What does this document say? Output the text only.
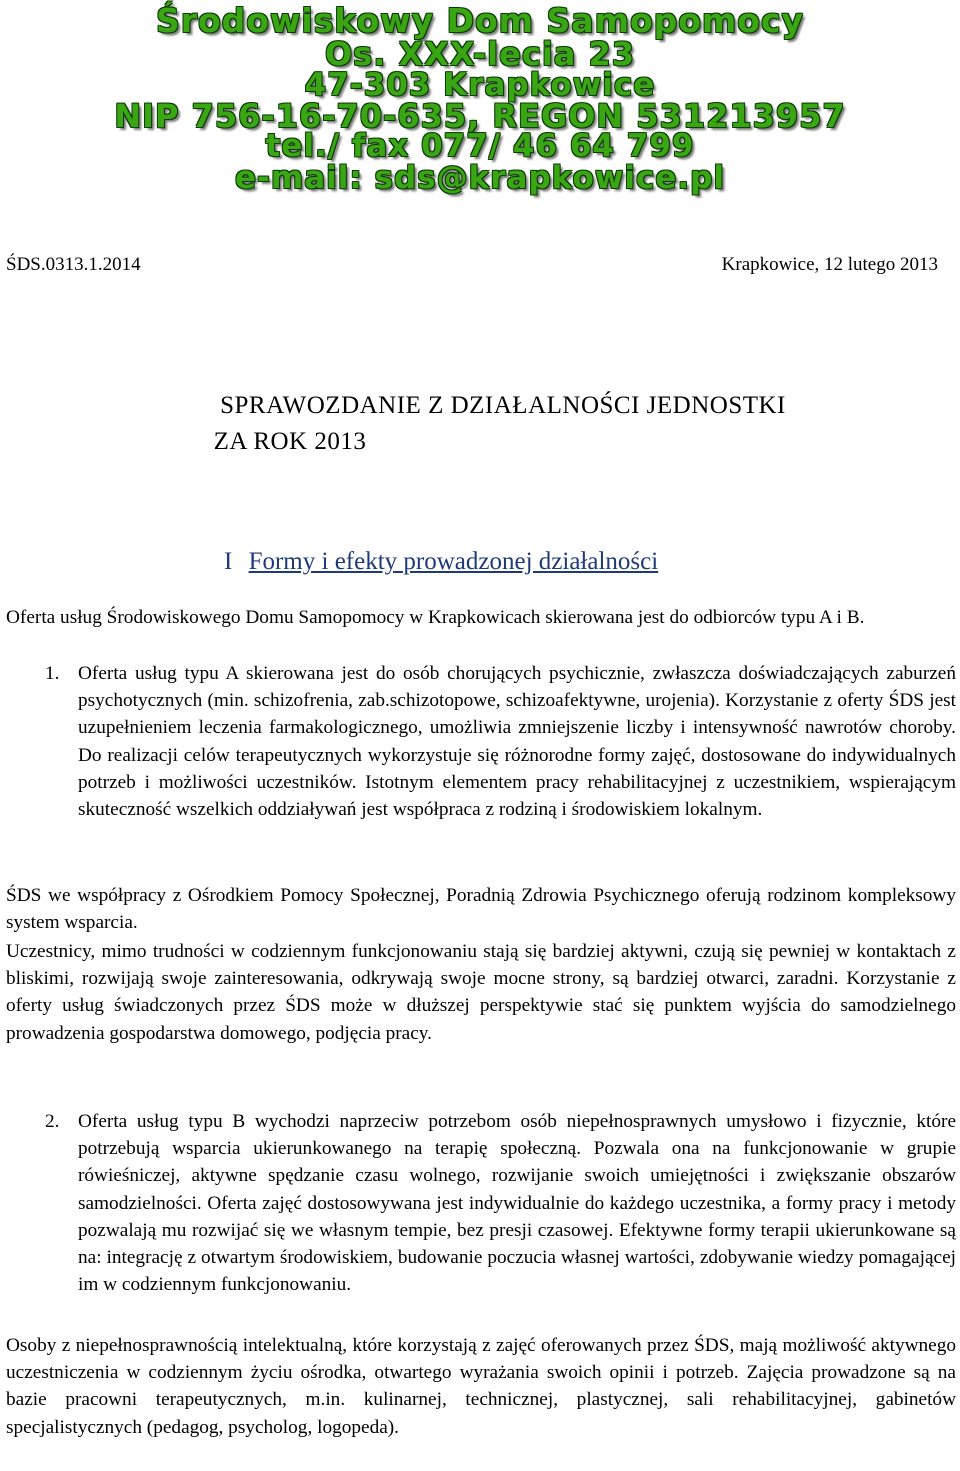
Środowiskowy Dom Samopomocy
Os. XXX-lecia 23
47-303 Krapkowice
NIP 756-16-70-635, REGON 531213957
tel./ fax 077/ 46 64 799
e-mail: sds@krapkowice.pl
ŚDS.0313.1.2014	Krapkowice, 12 lutego 2013
SPRAWOZDANIE Z DZIAŁALNOŚCI JEDNOSTKI
ZA ROK 2013
I Formy i efekty prowadzonej działalności
Oferta usług Środowiskowego Domu Samopomocy w Krapkowicach skierowana jest do odbiorców typu A i B.
1. Oferta usług typu A skierowana jest do osób chorujących psychicznie, zwłaszcza doświadczających zaburzeń psychotycznych (min. schizofrenia, zab.schizotopowe, schizoafektywne, urojenia). Korzystanie z oferty ŚDS jest uzupełnieniem leczenia farmakologicznego, umożliwia zmniejszenie liczby i intensywność nawrotów choroby. Do realizacji celów terapeutycznych wykorzystuje się różnorodne formy zajęć, dostosowane do indywidualnych potrzeb i możliwości uczestników. Istotnym elementem pracy rehabilitacyjnej z uczestnikiem, wspierającym skuteczność wszelkich oddziaływań jest współpraca z rodziną i środowiskiem lokalnym.
ŚDS we współpracy z Ośrodkiem Pomocy Społecznej, Poradnią Zdrowia Psychicznego oferują rodzinom kompleksowy system wsparcia.
Uczestnicy, mimo trudności w codziennym funkcjonowaniu stają się bardziej aktywni, czują się pewniej w kontaktach z bliskimi, rozwijają swoje zainteresowania, odkrywają swoje mocne strony, są bardziej otwarci, zaradni. Korzystanie z oferty usług świadczonych przez ŚDS może w dłuższej perspektywie stać się punktem wyjścia do samodzielnego prowadzenia gospodarstwa domowego, podjęcia pracy.
2. Oferta usług typu B wychodzi naprzeciw potrzebom osób niepełnosprawnych umysłowo i fizycznie, które potrzebują wsparcia ukierunkowanego na terapię społeczną. Pozwala ona na funkcjonowanie w grupie rówieśniczej, aktywne spędzanie czasu wolnego, rozwijanie swoich umiejętności i zwiększanie obszarów samodzielności. Oferta zajęć dostosowywana jest indywidualnie do każdego uczestnika, a formy pracy i metody pozwalają mu rozwijać się we własnym tempie, bez presji czasowej. Efektywne formy terapii ukierunkowane są na: integrację z otwartym środowiskiem, budowanie poczucia własnej wartości, zdobywanie wiedzy pomagającej im w codziennym funkcjonowaniu.
Osoby z niepełnosprawnością intelektualną, które korzystają z zajęć oferowanych przez ŚDS, mają możliwość aktywnego uczestniczenia w codziennym życiu ośrodka, otwartego wyrażania swoich opinii i potrzeb. Zajęcia prowadzone są na bazie pracowni terapeutycznych, m.in. kulinarnej, technicznej, plastycznej, sali rehabilitacyjnej, gabinetów specjalistycznych (pedagog, psycholog, logopeda).
